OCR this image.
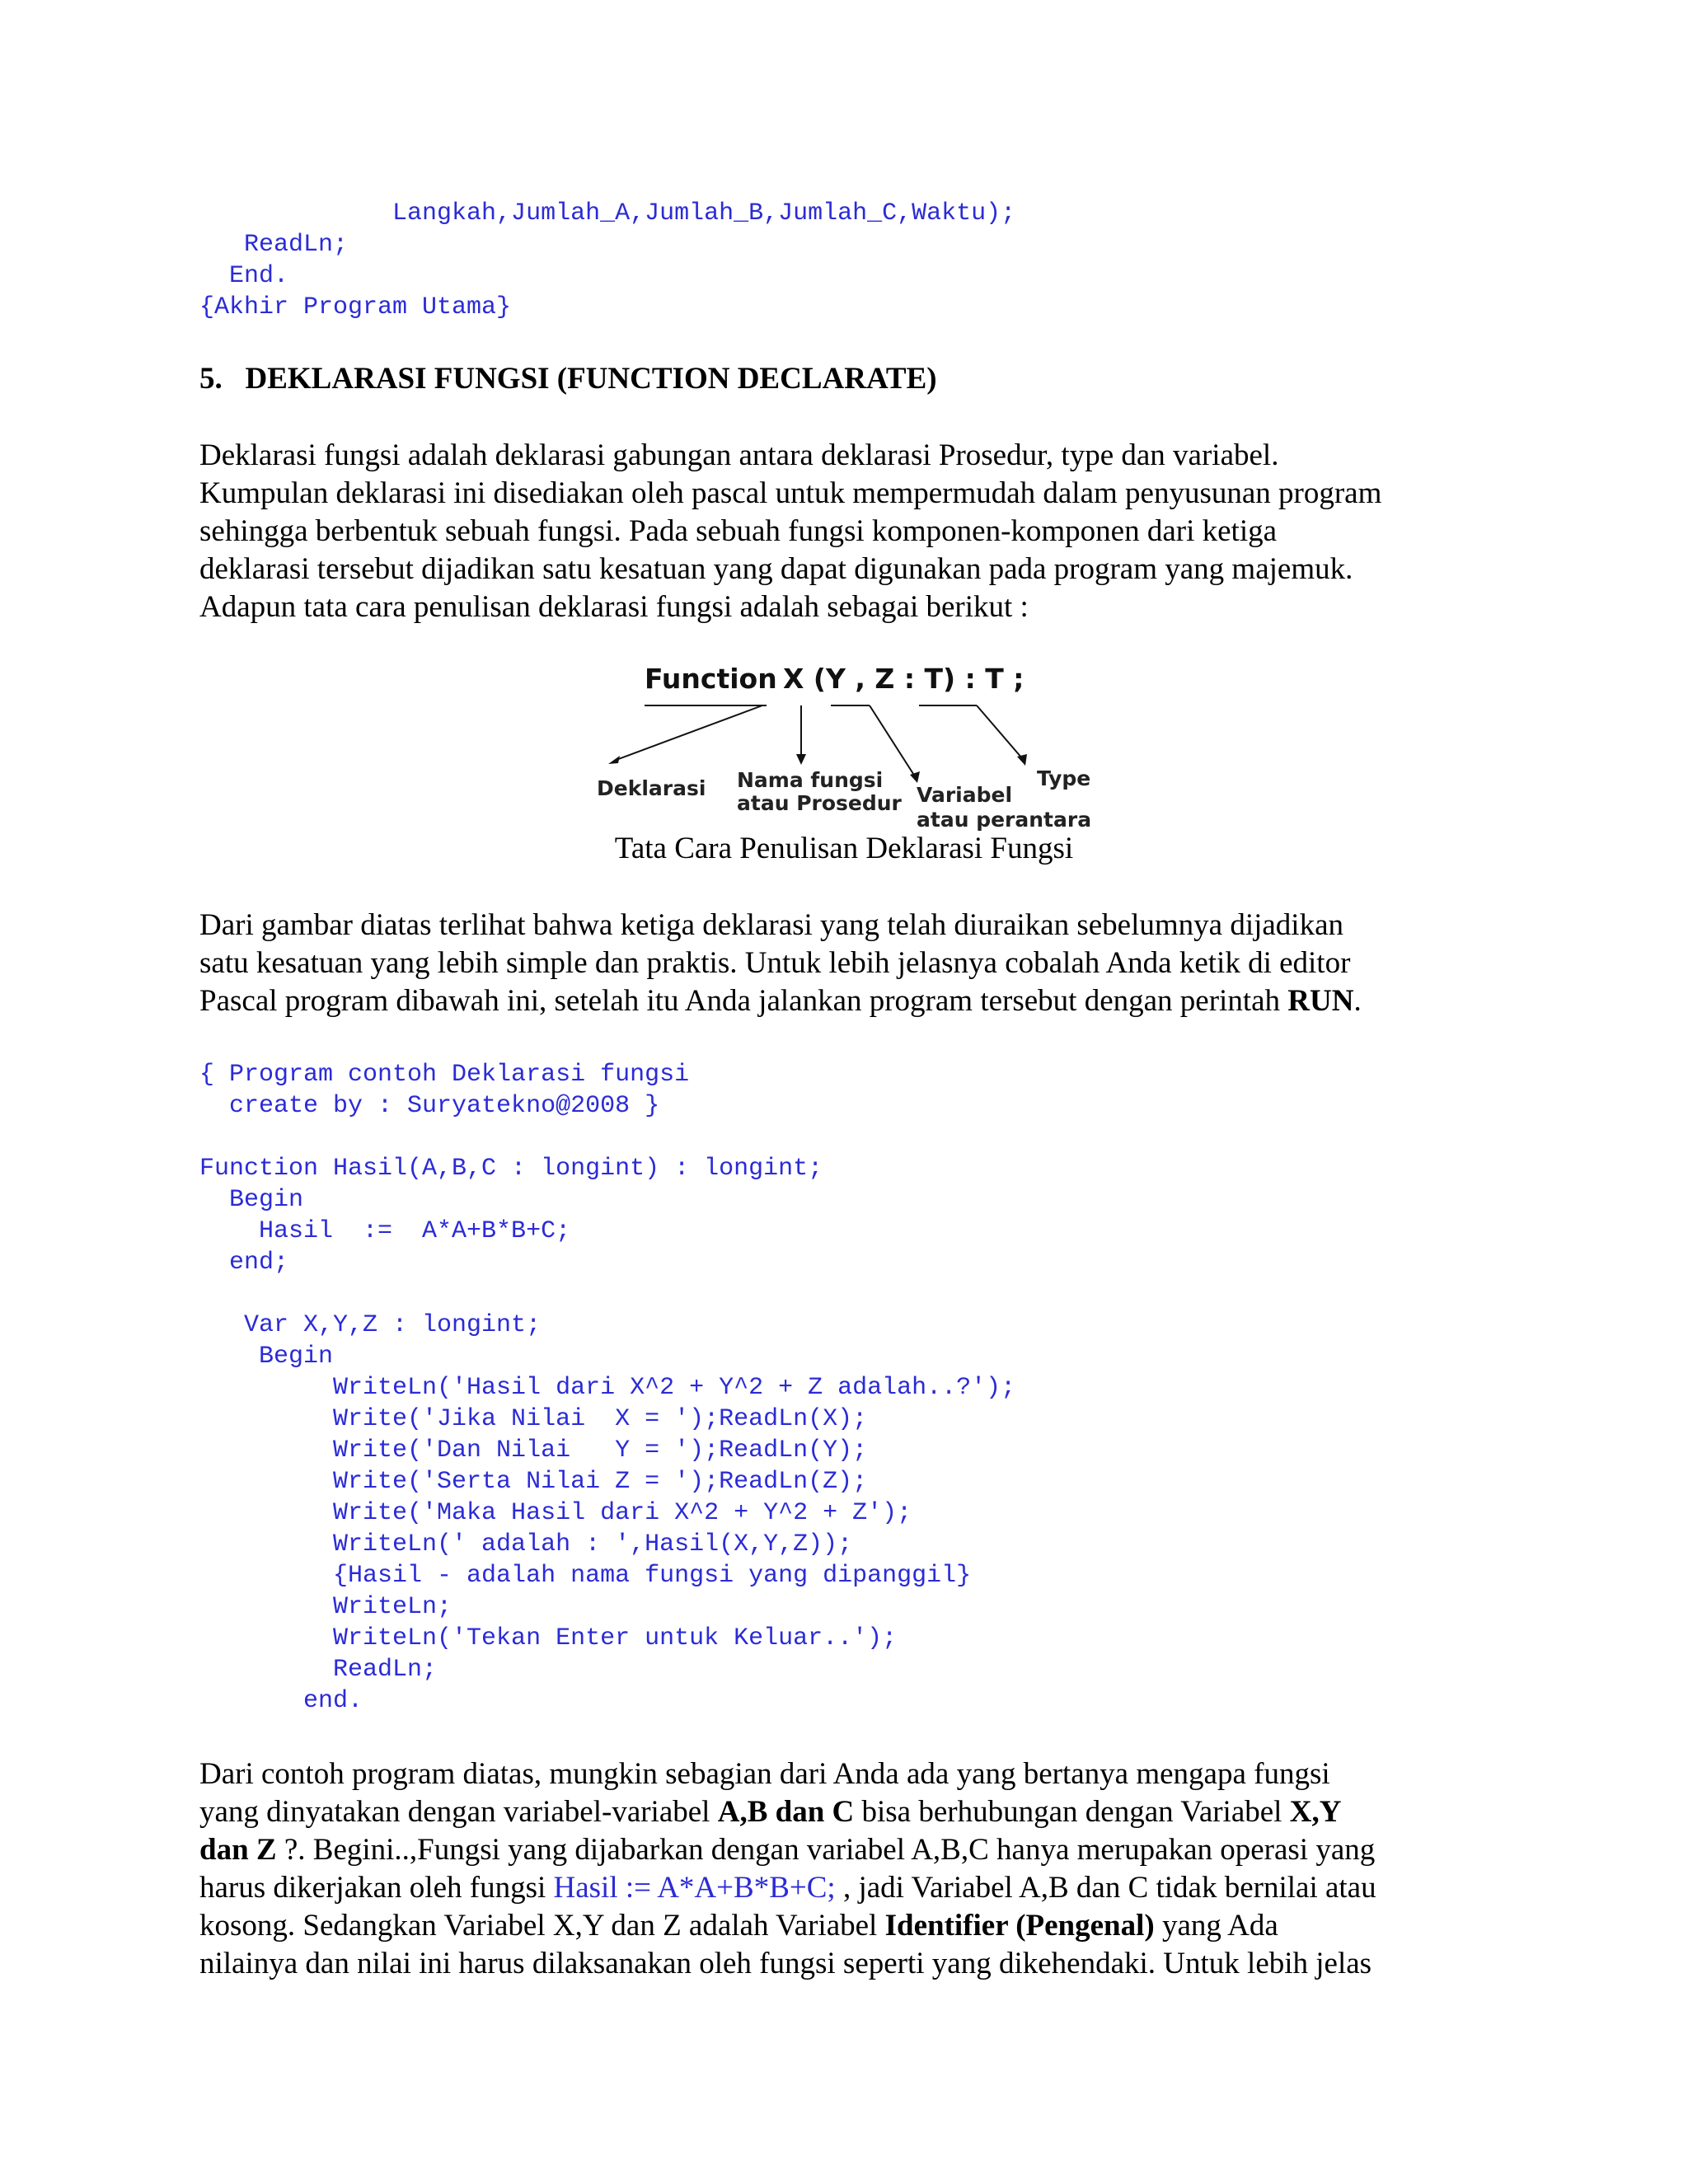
Langkah,Jumlah_A,Jumlah_B,Jumlah_C,Waktu);
ReadLn;
End.
{Akhir Program Utama}
5.   DEKLARASI FUNGSI (FUNCTION DECLARATE)
Deklarasi fungsi adalah deklarasi gabungan antara deklarasi Prosedur, type dan variabel.
Kumpulan deklarasi ini disediakan oleh pascal untuk mempermudah dalam penyusunan program
sehingga berbentuk sebuah fungsi. Pada sebuah fungsi komponen-komponen dari ketiga
deklarasi tersebut dijadikan satu kesatuan yang dapat digunakan pada program yang majemuk.
Adapun tata cara penulisan deklarasi fungsi adalah sebagai berikut :
Function X (Y , Z : T) : T ;
Deklarasi Nama fungsi
atau Prosedur Variabel
atau perantara
Type
Tata Cara Penulisan Deklarasi Fungsi
Dari gambar diatas terlihat bahwa ketiga deklarasi yang telah diuraikan sebelumnya dijadikan
satu kesatuan yang lebih simple dan praktis. Untuk lebih jelasnya cobalah Anda ketik di editor
Pascal program dibawah ini, setelah itu Anda jalankan program tersebut dengan perintah RUN.
{ Program contoh Deklarasi fungsi
create by : Suryatekno@2008 }

Function Hasil(A,B,C : longint) : longint;
Begin
Hasil  :=  A*A+B*B+C;
end;

Var X,Y,Z : longint;
Begin
WriteLn('Hasil dari X^2 + Y^2 + Z adalah..?');
Write('Jika Nilai  X = ');ReadLn(X);
Write('Dan Nilai   Y = ');ReadLn(Y);
Write('Serta Nilai Z = ');ReadLn(Z);
Write('Maka Hasil dari X^2 + Y^2 + Z');
WriteLn(' adalah : ',Hasil(X,Y,Z));
{Hasil - adalah nama fungsi yang dipanggil}
WriteLn;
WriteLn('Tekan Enter untuk Keluar..');
ReadLn;
end.
Dari contoh program diatas, mungkin sebagian dari Anda ada yang bertanya mengapa fungsi
yang dinyatakan dengan variabel-variabel A,B dan C bisa berhubungan dengan Variabel X,Y
dan Z ?. Begini..,Fungsi yang dijabarkan dengan variabel A,B,C hanya merupakan operasi yang
harus dikerjakan oleh fungsi Hasil := A*A+B*B+C; , jadi Variabel A,B dan C tidak bernilai atau
kosong. Sedangkan Variabel X,Y dan Z adalah Variabel Identifier (Pengenal) yang Ada
nilainya dan nilai ini harus dilaksanakan oleh fungsi seperti yang dikehendaki. Untuk lebih jelas
